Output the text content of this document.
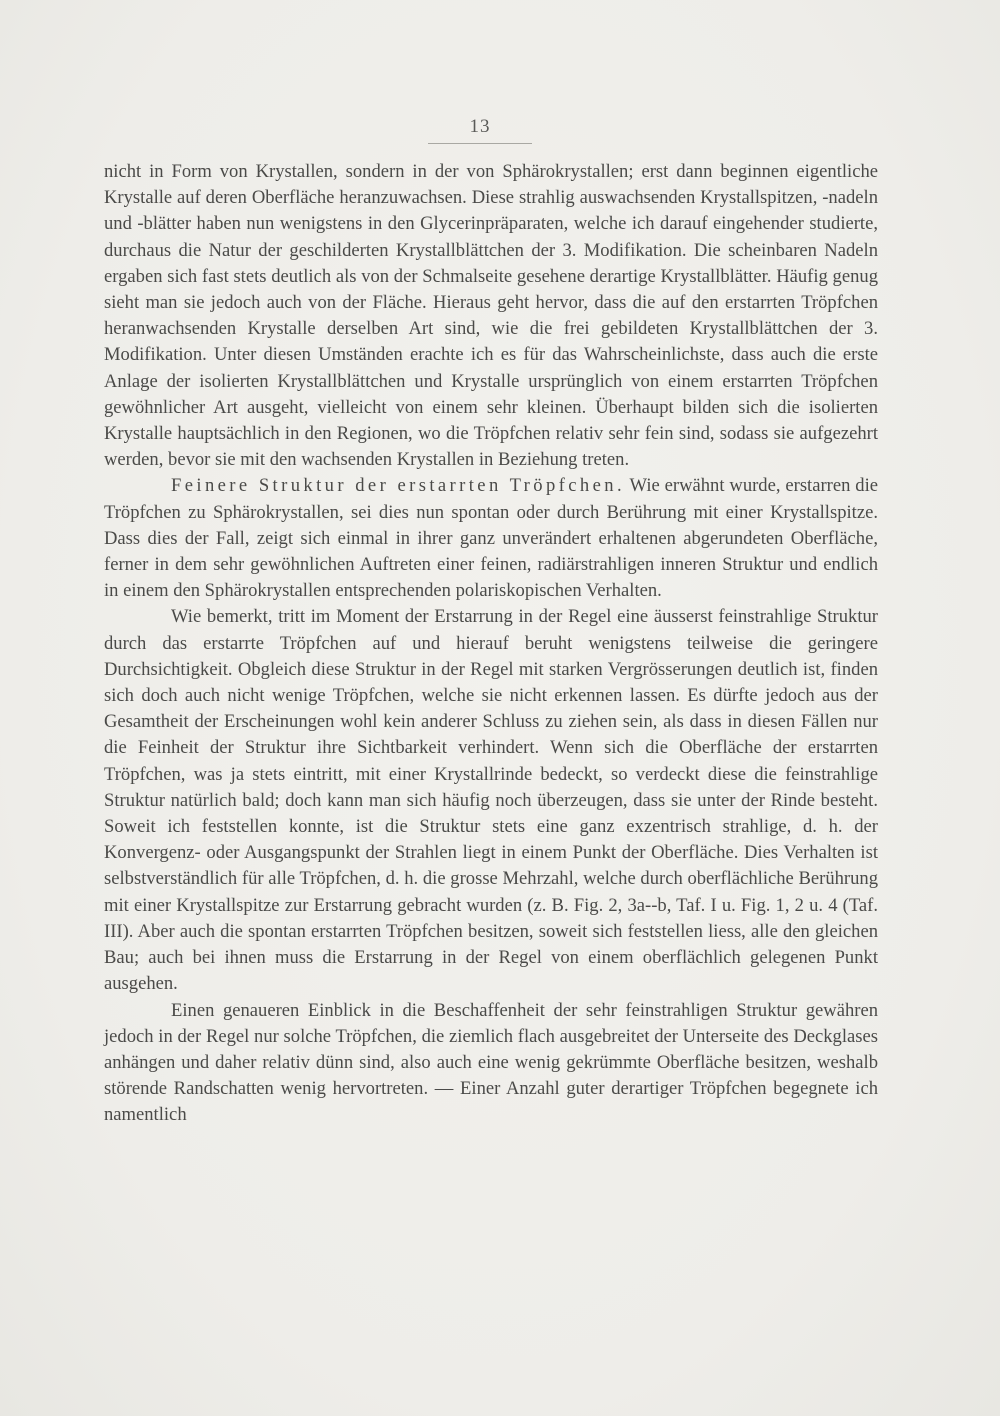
13

nicht in Form von Krystallen, sondern in der von Sphärokrystallen; erst dann beginnen eigentliche Krystalle auf deren Oberfläche heranzuwachsen. Diese strahlig auswachsenden Krystallspitzen, -nadeln und -blätter haben nun wenigstens in den Glycerinpräparaten, welche ich darauf eingehender studierte, durchaus die Natur der geschilderten Krystallblättchen der 3. Modifikation. Die scheinbaren Nadeln ergaben sich fast stets deutlich als von der Schmalseite gesehene derartige Krystallblätter. Häufig genug sieht man sie jedoch auch von der Fläche. Hieraus geht hervor, dass die auf den erstarrten Tröpfchen heranwachsenden Krystalle derselben Art sind, wie die frei gebildeten Krystallblättchen der 3. Modifikation. Unter diesen Umständen erachte ich es für das Wahrscheinlichste, dass auch die erste Anlage der isolierten Krystallblättchen und Krystalle ursprünglich von einem erstarrten Tröpfchen gewöhnlicher Art ausgeht, vielleicht von einem sehr kleinen. Überhaupt bilden sich die isolierten Krystalle hauptsächlich in den Regionen, wo die Tröpfchen relativ sehr fein sind, sodass sie aufgezehrt werden, bevor sie mit den wachsenden Krystallen in Beziehung treten.

Feinere Struktur der erstarrten Tröpfchen. Wie erwähnt wurde, erstarren die Tröpfchen zu Sphärokrystallen, sei dies nun spontan oder durch Berührung mit einer Krystallspitze. Dass dies der Fall, zeigt sich einmal in ihrer ganz unverändert erhaltenen abgerundeten Oberfläche, ferner in dem sehr gewöhnlichen Auftreten einer feinen, radiärstrahligen inneren Struktur und endlich in einem den Sphärokrystallen entsprechenden polariskopischen Verhalten.

Wie bemerkt, tritt im Moment der Erstarrung in der Regel eine äusserst feinstrahlige Struktur durch das erstarrte Tröpfchen auf und hierauf beruht wenigstens teilweise die geringere Durchsichtigkeit. Obgleich diese Struktur in der Regel mit starken Vergrösserungen deutlich ist, finden sich doch auch nicht wenige Tröpfchen, welche sie nicht erkennen lassen. Es dürfte jedoch aus der Gesamtheit der Erscheinungen wohl kein anderer Schluss zu ziehen sein, als dass in diesen Fällen nur die Feinheit der Struktur ihre Sichtbarkeit verhindert. Wenn sich die Oberfläche der erstarrten Tröpfchen, was ja stets eintritt, mit einer Krystallrinde bedeckt, so verdeckt diese die feinstrahlige Struktur natürlich bald; doch kann man sich häufig noch überzeugen, dass sie unter der Rinde besteht. Soweit ich feststellen konnte, ist die Struktur stets eine ganz exzentrisch strahlige, d. h. der Konvergenz- oder Ausgangspunkt der Strahlen liegt in einem Punkt der Oberfläche. Dies Verhalten ist selbstverständlich für alle Tröpfchen, d. h. die grosse Mehrzahl, welche durch oberflächliche Berührung mit einer Krystallspitze zur Erstarrung gebracht wurden (z. B. Fig. 2, 3a--b, Taf. I u. Fig. 1, 2 u. 4 (Taf. III). Aber auch die spontan erstarrten Tröpfchen besitzen, soweit sich feststellen liess, alle den gleichen Bau; auch bei ihnen muss die Erstarrung in der Regel von einem oberflächlich gelegenen Punkt ausgehen.

Einen genaueren Einblick in die Beschaffenheit der sehr feinstrahligen Struktur gewähren jedoch in der Regel nur solche Tröpfchen, die ziemlich flach ausgebreitet der Unterseite des Deckglases anhängen und daher relativ dünn sind, also auch eine wenig gekrümmte Oberfläche besitzen, weshalb störende Randschatten wenig hervortreten. — Einer Anzahl guter derartiger Tröpfchen begegnete ich namentlich
